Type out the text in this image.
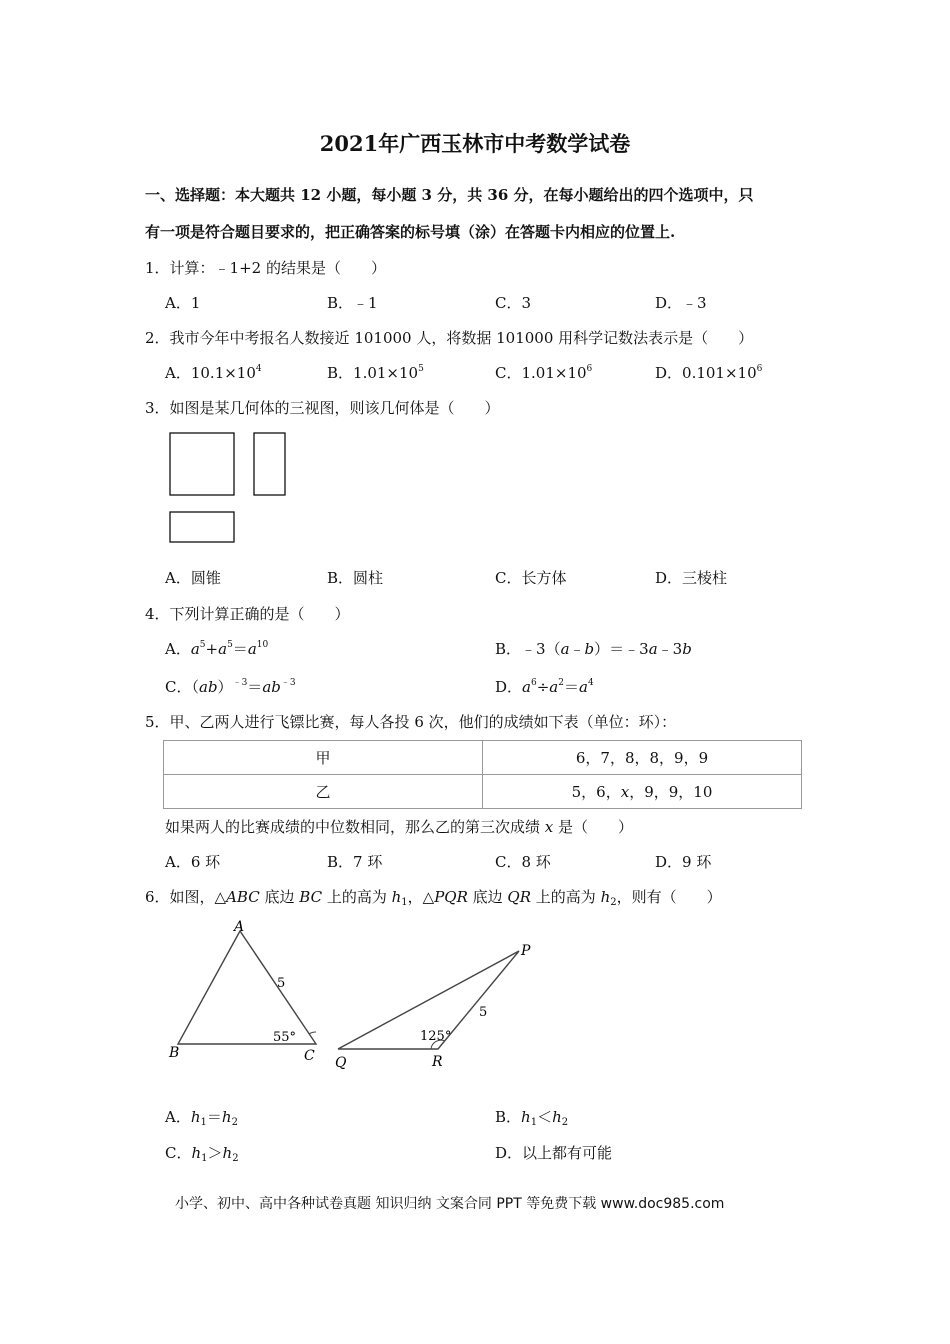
2021年广西玉林市中考数学试卷
一、选择题：本大题共 12 小题，每小题 3 分，共 36 分，在每小题给出的四个选项中，只
有一项是符合题目要求的，把正确答案的标号填（涂）在答题卡内相应的位置上.
1．计算：﹣1+2 的结果是（　　）
A．1	B．﹣1	C．3	D．﹣3
2．我市今年中考报名人数接近 101000 人，将数据 101000 用科学记数法表示是（　　）
A．$10.1\times 10^4$	B．$1.01\times 10^5$	C．$1.01\times 10^6$	D．$0.101\times 10^6$
3．如图是某几何体的三视图，则该几何体是（　　）
A．圆锥	B．圆柱	C．长方体	D．三棱柱
4．下列计算正确的是（　　）
A．$a^5+a^5=a^{10}$	B．﹣3（a﹣b）＝﹣3a﹣3b
C．$(ab)^{﹣3}=ab^{﹣3}$	D．$a^6\div a^2=a^4$
5．甲、乙两人进行飞镖比赛，每人各投 6 次，他们的成绩如下表（单位：环）：
甲	6，7，8，8，9，9
乙	5，6，x，9，9，10
如果两人的比赛成绩的中位数相同，那么乙的第三次成绩 x 是（　　）
A．6 环	B．7 环	C．8 环	D．9 环
6．如图，△ABC 底边 BC 上的高为 $h_1$，△PQR 底边 QR 上的高为 $h_2$，则有（　　）
A
B	C
5
55°
P
Q	R
5
125°
A．$h_1=h_2$	B．$h_1<h_2$
C．$h_1>h_2$	D．以上都有可能
小学、初中、高中各种试卷真题 知识归纳 文案合同 PPT 等免费下载 www.doc985.com
